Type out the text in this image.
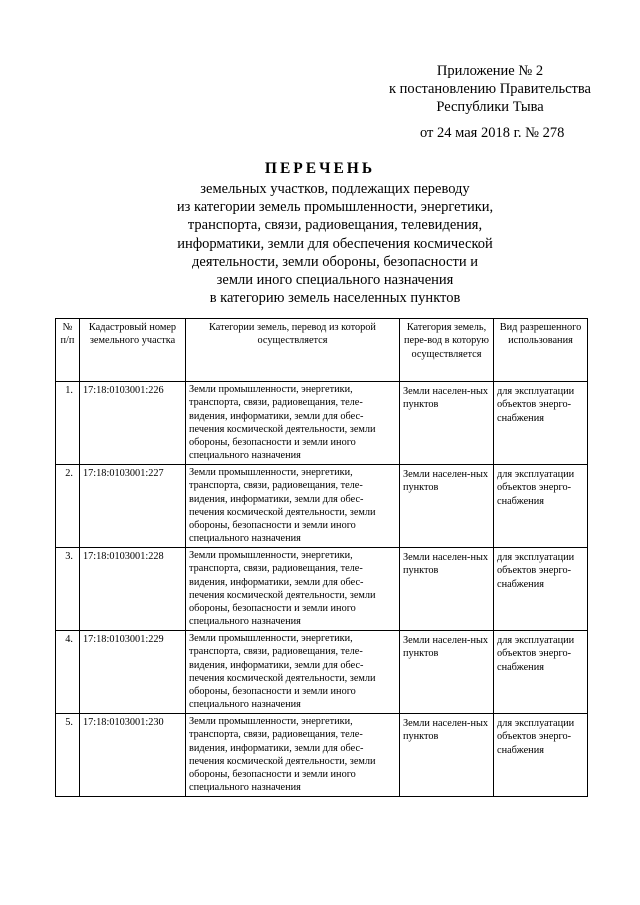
Приложение № 2
к постановлению Правительства
Республики Тыва
от 24 мая 2018 г. № 278
ПЕРЕЧЕНЬ
земельных участков, подлежащих переводу
из категории земель промышленности, энергетики,
транспорта, связи, радиовещания, телевидения,
информатики, земли для обеспечения космической
деятельности, земли обороны, безопасности и
земли иного специального назначения
в категорию земель населенных пунктов
№ п/п	Кадастровый номер земельного участка	Категории земель, перевод из которой осуществляется	Категория земель, пере-вод в которую осуществляется	Вид разрешенного использования
1.	17:18:0103001:226	Земли промышленности, энергетики, транспорта, связи, радиовещания, теле-видения, информатики, земли для обес-печения космической деятельности, земли обороны, безопасности и земли иного специального назначения	Земли населен-ных пунктов	для эксплуатации объектов энерго-снабжения
2.	17:18:0103001:227	Земли промышленности, энергетики, транспорта, связи, радиовещания, теле-видения, информатики, земли для обес-печения космической деятельности, земли обороны, безопасности и земли иного специального назначения	Земли населен-ных пунктов	для эксплуатации объектов энерго-снабжения
3.	17:18:0103001:228	Земли промышленности, энергетики, транспорта, связи, радиовещания, теле-видения, информатики, земли для обес-печения космической деятельности, земли обороны, безопасности и земли иного специального назначения	Земли населен-ных пунктов	для эксплуатации объектов энерго-снабжения
4.	17:18:0103001:229	Земли промышленности, энергетики, транспорта, связи, радиовещания, теле-видения, информатики, земли для обес-печения космической деятельности, земли обороны, безопасности и земли иного специального назначения	Земли населен-ных пунктов	для эксплуатации объектов энерго-снабжения
5.	17:18:0103001:230	Земли промышленности, энергетики, транспорта, связи, радиовещания, теле-видения, информатики, земли для обес-печения космической деятельности, земли обороны, безопасности и земли иного специального назначения	Земли населен-ных пунктов	для эксплуатации объектов энерго-снабжения
